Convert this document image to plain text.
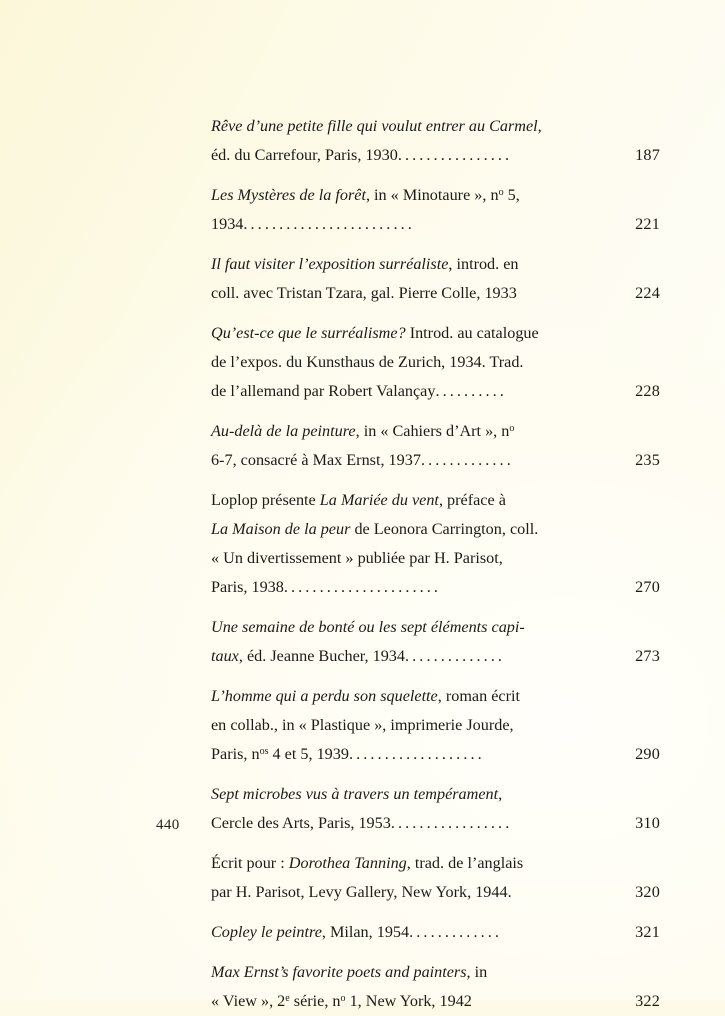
Rêve d’une petite fille qui voulut entrer au Carmel,
éd. du Carrefour, Paris, 1930................	187
Les Mystères de la forêt, in « Minotaure », $n^o$ 5,
1934........................	221
Il faut visiter l’exposition surréaliste, introd. en
coll. avec Tristan Tzara, gal. Pierre Colle, 1933	224
Qu’est-ce que le surréalisme? Introd. au catalogue
de l’expos. du Kunsthaus de Zurich, 1934. Trad.
de l’allemand par Robert Valançay..........	228
Au-delà de la peinture, in « Cahiers d’Art », $n^o$
6-7, consacré à Max Ernst, 1937.............	235
Loplop présente La Mariée du vent, préface à
La Maison de la peur de Leonora Carrington, coll.
« Un divertissement » publiée par H. Parisot,
Paris, 1938......................	270
Une semaine de bonté ou les sept éléments capi-
taux, éd. Jeanne Bucher, 1934..............	273
L’homme qui a perdu son squelette, roman écrit
en collab., in « Plastique », imprimerie Jourde,
Paris, $n^{os}$ 4 et 5, 1939...................	290
Sept microbes vus à travers un tempérament,
Cercle des Arts, Paris, 1953.................	310
Écrit pour : Dorothea Tanning, trad. de l’anglais
par H. Parisot, Levy Gallery, New York, 1944.	320
Copley le peintre, Milan, 1954.............	321
Max Ernst’s favorite poets and painters, in
« View », 2e série, $n^o$ 1, New York, 1942	322
440
